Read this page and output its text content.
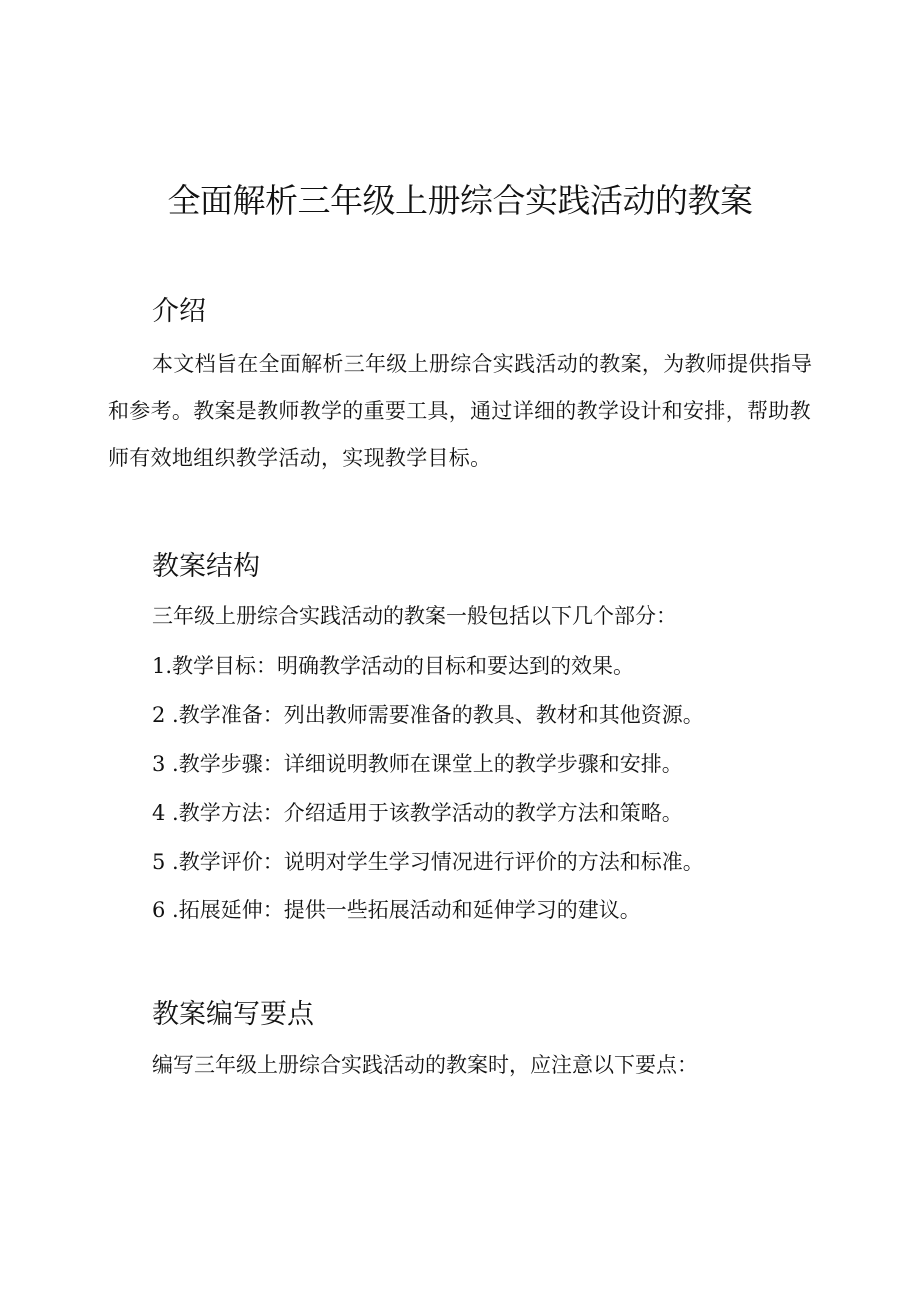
全面解析三年级上册综合实践活动的教案
介绍

本文档旨在全面解析三年级上册综合实践活动的教案，为教师提供指导和参考。教案是教师教学的重要工具，通过详细的教学设计和安排，帮助教师有效地组织教学活动，实现教学目标。

教案结构

三年级上册综合实践活动的教案一般包括以下几个部分：

1.教学目标：明确教学活动的目标和要达到的效果。

2 .教学准备：列出教师需要准备的教具、教材和其他资源。

3 .教学步骤：详细说明教师在课堂上的教学步骤和安排。

4 .教学方法：介绍适用于该教学活动的教学方法和策略。

5 .教学评价：说明对学生学习情况进行评价的方法和标准。

6 .拓展延伸：提供一些拓展活动和延伸学习的建议。

教案编写要点

编写三年级上册综合实践活动的教案时，应注意以下要点：
